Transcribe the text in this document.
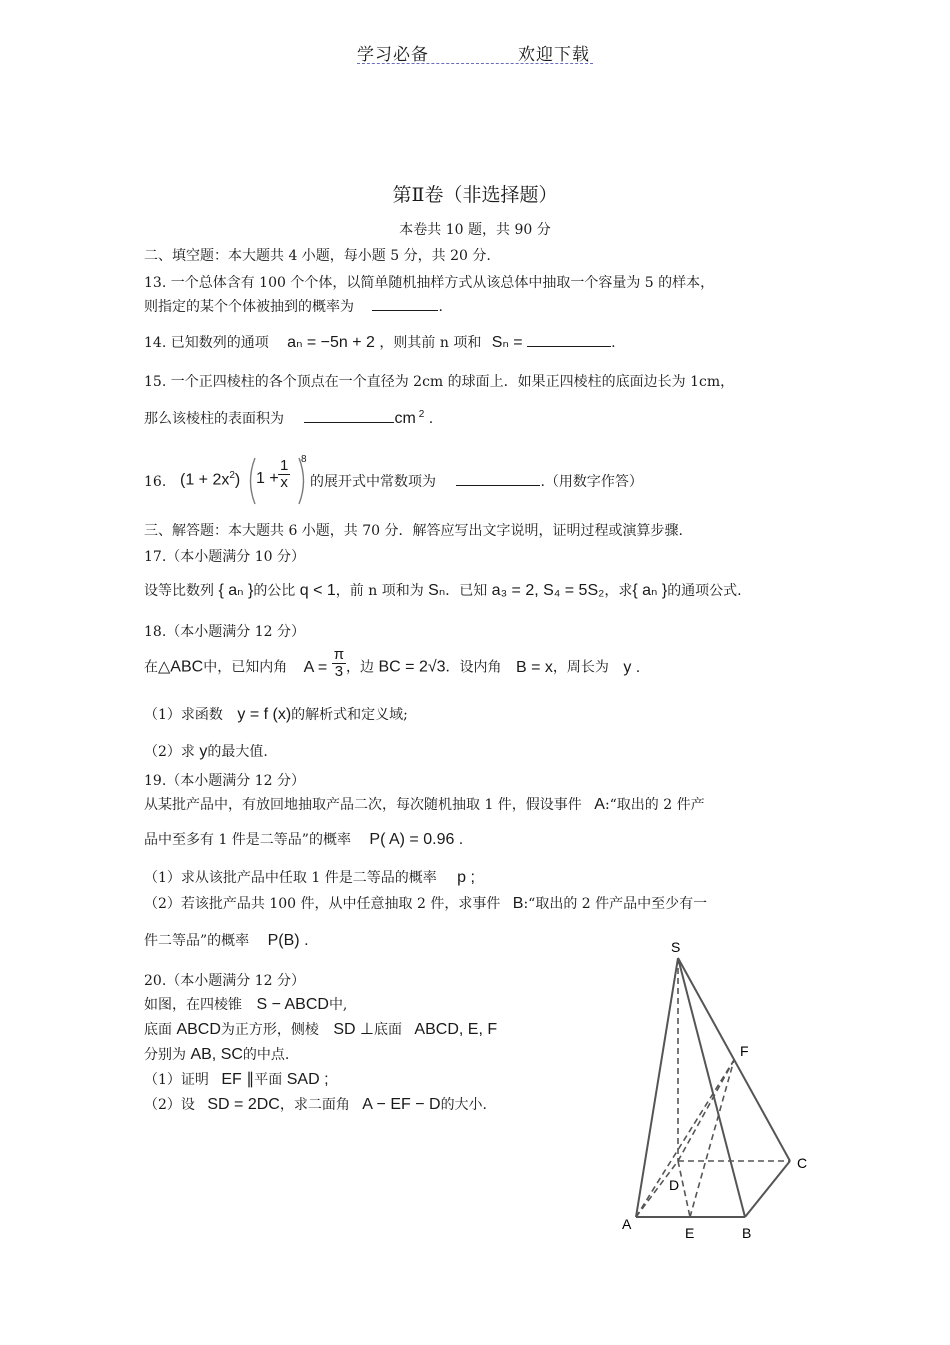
学习必备	欢迎下载
第Ⅱ卷（非选择题）
本卷共 10 题，共 90 分
二、填空题：本大题共 4 小题，每小题 5 分，共 20 分.
13. 一个总体含有 100 个个体，以简单随机抽样方式从该总体中抽取一个容量为 5 的样本，
则指定的某个个体被抽到的概率为	.
14. 已知数列的通项 aₙ = −5n + 2 ，则其前 n 项和 Sₙ =	.
15. 一个正四棱柱的各个顶点在一个直径为 2cm 的球面上．如果正四棱柱的底面边长为 1cm，
那么该棱柱的表面积为	cm $^2$ .
16. $(1 + 2x^2)$ $1 + \frac{1}{x} 8$
的展开式中常数项为	.（用数字作答）
三、解答题：本大题共 6 小题，共 70 分．解答应写出文字说明，证明过程或演算步骤.
17.（本小题满分 10 分）
设等比数列 { aₙ }的公比 q < 1，前 n 项和为 Sₙ．已知 a₃ = 2, S₄ = 5S₂，求{ aₙ }的通项公式.
18.（本小题满分 12 分）
在△ABC中，已知内角 $A = \frac{\pi}{3}$ ，边 BC = 2√3．设内角 B = x，周长为 y .
（1）求函数 y = f (x)的解析式和定义域;
（2）求 y的最大值.
19.（本小题满分 12 分）
从某批产品中，有放回地抽取产品二次，每次随机抽取 1 件，假设事件 A:“取出的 2 件产
品中至多有 1 件是二等品”的概率 P( A) = 0.96 .
（1）求从该批产品中任取 1 件是二等品的概率 p ;
（2）若该批产品共 100 件，从中任意抽取 2 件，求事件 B:“取出的 2 件产品中至少有一
件二等品”的概率 P(B) .
20.（本小题满分 12 分）
如图，在四棱锥 S − ABCD中,
底面 ABCD为正方形，侧棱 SD ⊥底面 ABCD, E, F
分别为 AB, SC的中点.
（1）证明 EF ∥平面 SAD ;
（2）设 SD = 2DC，求二面角 A − EF − D的大小.
S
F
C
D
A
E	B
